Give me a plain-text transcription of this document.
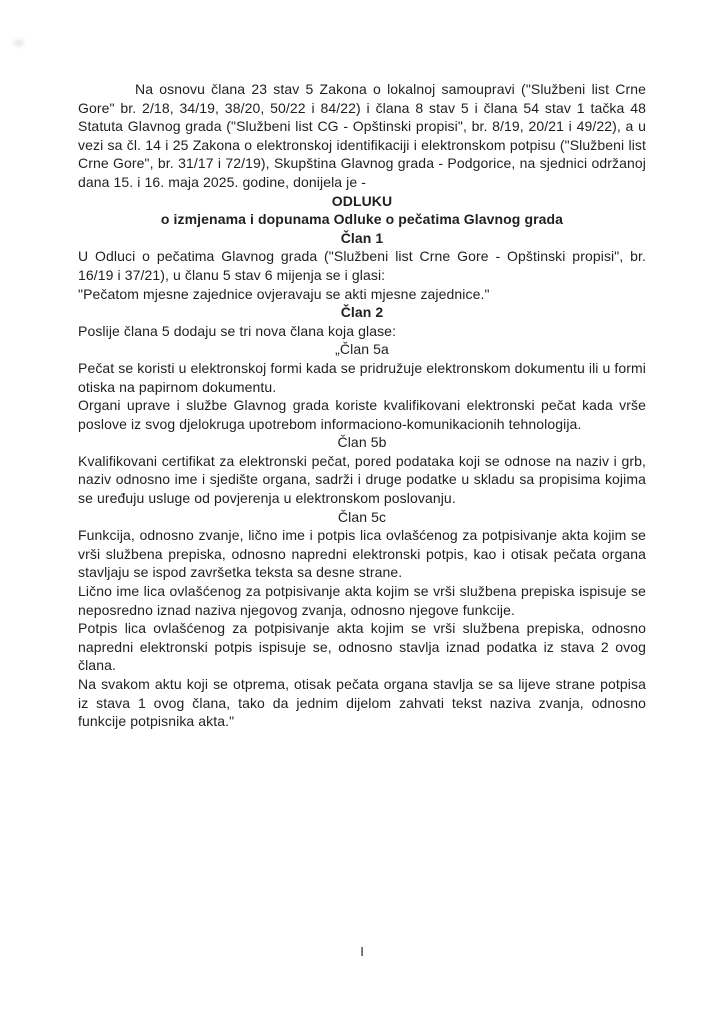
Na osnovu člana 23 stav 5 Zakona o lokalnoj samoupravi ("Službeni list Crne Gore" br. 2/18, 34/19, 38/20, 50/22 i 84/22) i člana 8 stav 5 i člana 54 stav 1 tačka 48 Statuta Glavnog grada ("Službeni list CG - Opštinski propisi", br. 8/19, 20/21 i 49/22), a u vezi sa čl. 14 i 25 Zakona o elektronskoj identifikaciji i elektronskom potpisu ("Službeni list Crne Gore", br. 31/17 i 72/19), Skupština Glavnog grada - Podgorice, na sjednici održanoj dana 15. i 16. maja 2025. godine, donijela je -

ODLUKU

o izmjenama i dopunama Odluke o pečatima Glavnog grada

Član 1

U Odluci o pečatima Glavnog grada ("Službeni list Crne Gore - Opštinski propisi", br. 16/19 i 37/21), u članu 5 stav 6 mijenja se i glasi:

"Pečatom mjesne zajednice ovjeravaju se akti mjesne zajednice."

Član 2

Poslije člana 5 dodaju se tri nova člana koja glase:

„Član 5a

Pečat se koristi u elektronskoj formi kada se pridružuje elektronskom dokumentu ili u formi otiska na papirnom dokumentu.

Organi uprave i službe Glavnog grada koriste kvalifikovani elektronski pečat kada vrše poslove iz svog djelokruga upotrebom informaciono-komunikacionih tehnologija.

Član 5b

Kvalifikovani certifikat za elektronski pečat, pored podataka koji se odnose na naziv i grb, naziv odnosno ime i sjedište organa, sadrži i druge podatke u skladu sa propisima kojima se uređuju usluge od povjerenja u elektronskom poslovanju.

Član 5c

Funkcija, odnosno zvanje, lično ime i potpis lica ovlašćenog za potpisivanje akta kojim se vrši službena prepiska, odnosno napredni elektronski potpis, kao i otisak pečata organa stavljaju se ispod završetka teksta sa desne strane.

Lično ime lica ovlašćenog za potpisivanje akta kojim se vrši službena prepiska ispisuje se neposredno iznad naziva njegovog zvanja, odnosno njegove funkcije.

Potpis lica ovlašćenog za potpisivanje akta kojim se vrši službena prepiska, odnosno napredni elektronski potpis ispisuje se, odnosno stavlja iznad podatka iz stava 2 ovog člana.

Na svakom aktu koji se otprema, otisak pečata organa stavlja se sa lijeve strane potpisa iz stava 1 ovog člana, tako da jednim dijelom zahvati tekst naziva zvanja, odnosno funkcije potpisnika akta."

I
